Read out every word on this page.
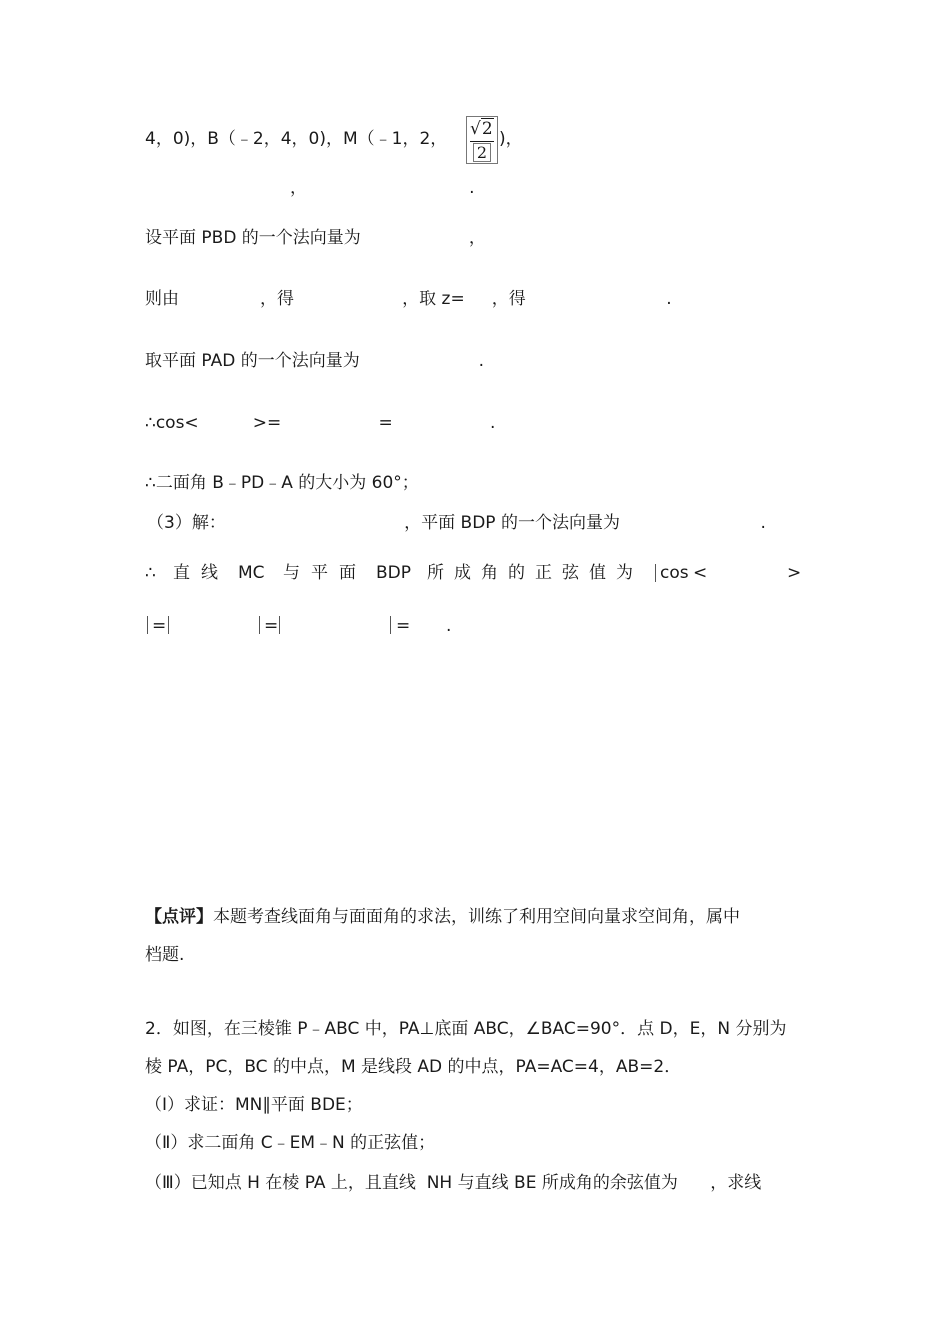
4，0)，B（﹣2，4，0)，M（﹣1，2， $\frac{√2}{2}$ )，
，                              .
设平面 PBD 的一个法向量为                    ，
则由               ，得                    ，取 z=     ，得                          .
取平面 PAD 的一个法向量为                      .
∴cos<          >=                  =                  .
∴二面角 B﹣PD﹣A 的大小为 60°；
（3）解：                                 ，平面 BDP 的一个法向量为                          .
∴ 直 线 MC 与 平 面 BDP 所 成 角 的 正 弦 值 为 cos <	>
=	=	= .
【点评】本题考查线面角与面面角的求法，训练了利用空间向量求空间角，属中
档题.
2．如图，在三棱锥 P﹣ABC 中，PA⊥底面 ABC，∠BAC=90°．点 D，E，N 分别为
棱 PA，PC，BC 的中点，M 是线段 AD 的中点，PA=AC=4，AB=2．
（Ⅰ）求证：MN∥平面 BDE；
（Ⅱ）求二面角 C﹣EM﹣N 的正弦值；
（Ⅲ）已知点 H 在棱 PA 上，且直线  NH 与直线 BE 所成角的余弦值为      ，求线
